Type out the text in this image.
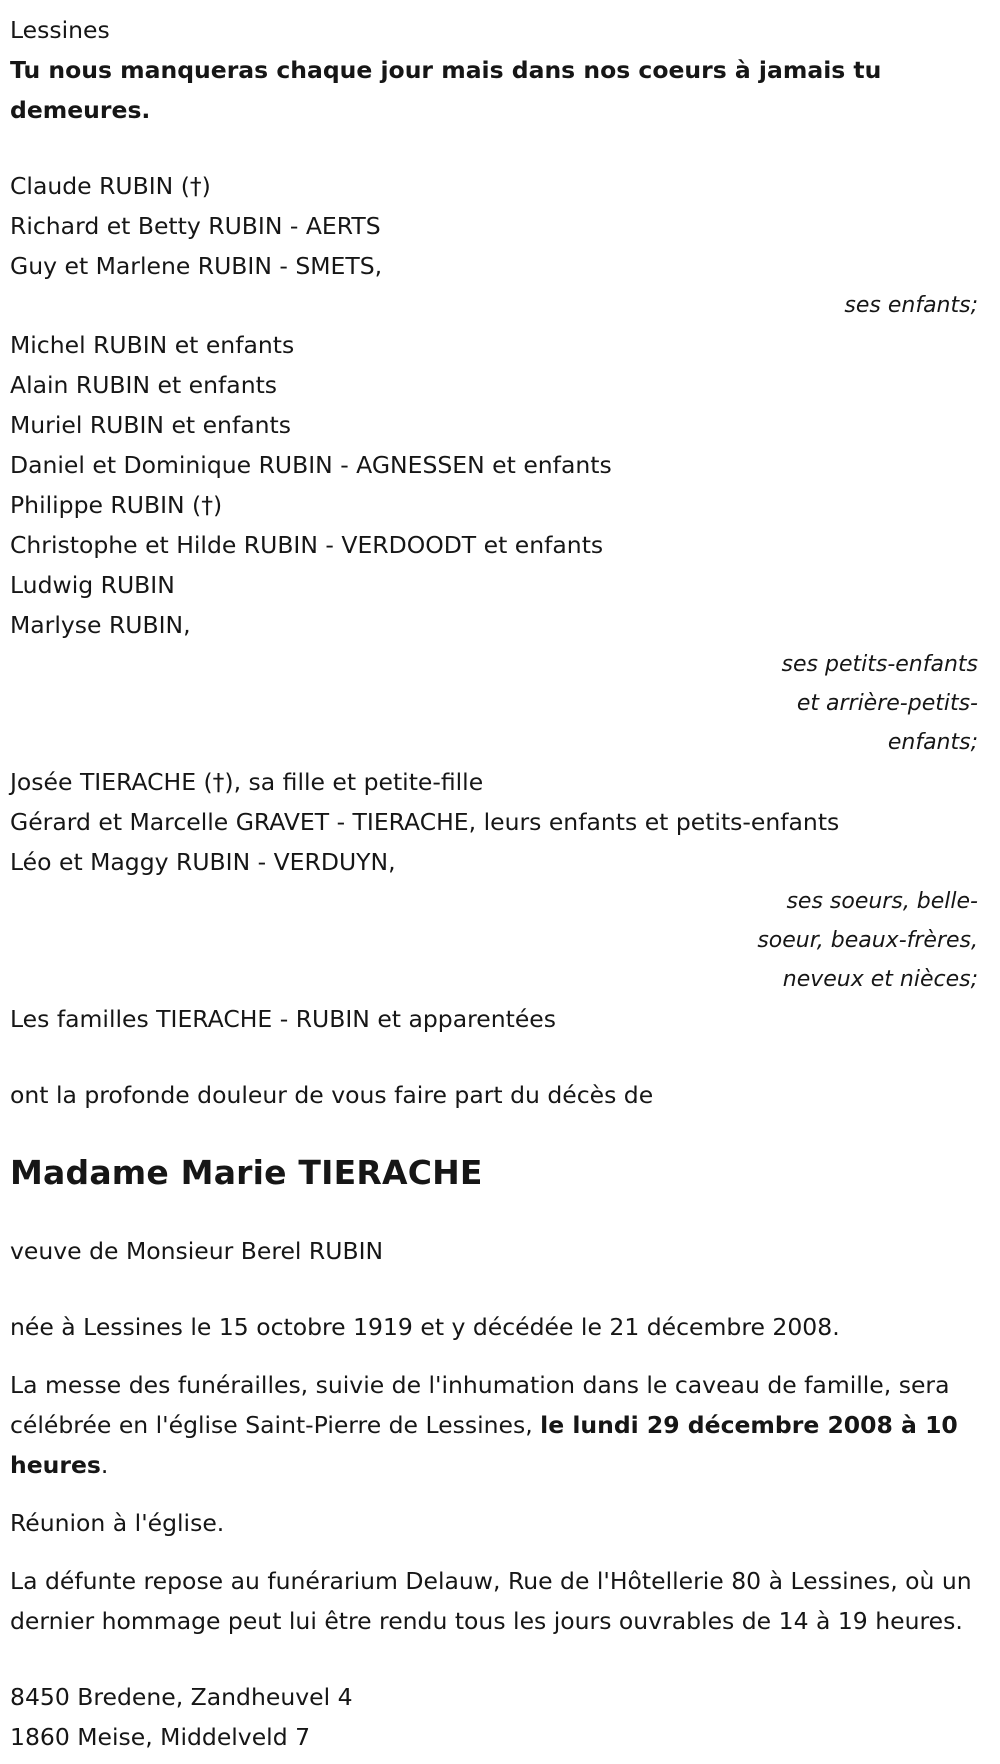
Lessines
Tu nous manqueras chaque jour mais dans nos coeurs à jamais tu demeures.
Claude RUBIN (†)
Richard et Betty RUBIN - AERTS
Guy et Marlene RUBIN - SMETS,
ses enfants;
Michel RUBIN et enfants
Alain RUBIN et enfants
Muriel RUBIN et enfants
Daniel et Dominique RUBIN - AGNESSEN et enfants
Philippe RUBIN (†)
Christophe et Hilde RUBIN - VERDOODT et enfants
Ludwig RUBIN
Marlyse RUBIN,
ses petits-enfants
et arrière-petits-
enfants;
Josée TIERACHE (†), sa fille et petite-fille
Gérard et Marcelle GRAVET - TIERACHE, leurs enfants et petits-enfants
Léo et Maggy RUBIN - VERDUYN,
ses soeurs, belle-
soeur, beaux-frères,
neveux et nièces;
Les familles TIERACHE - RUBIN et apparentées
ont la profonde douleur de vous faire part du décès de
Madame Marie TIERACHE
veuve de Monsieur Berel RUBIN
née à Lessines le 15 octobre 1919 et y décédée le 21 décembre 2008.
La messe des funérailles, suivie de l'inhumation dans le caveau de famille, sera célébrée en l'église Saint-Pierre de Lessines, le lundi 29 décembre 2008 à 10 heures.
Réunion à l'église.
La défunte repose au funérarium Delauw, Rue de l'Hôtellerie 80 à Lessines, où un dernier hommage peut lui être rendu tous les jours ouvrables de 14 à 19 heures.
8450 Bredene, Zandheuvel 4
1860 Meise, Middelveld 7
